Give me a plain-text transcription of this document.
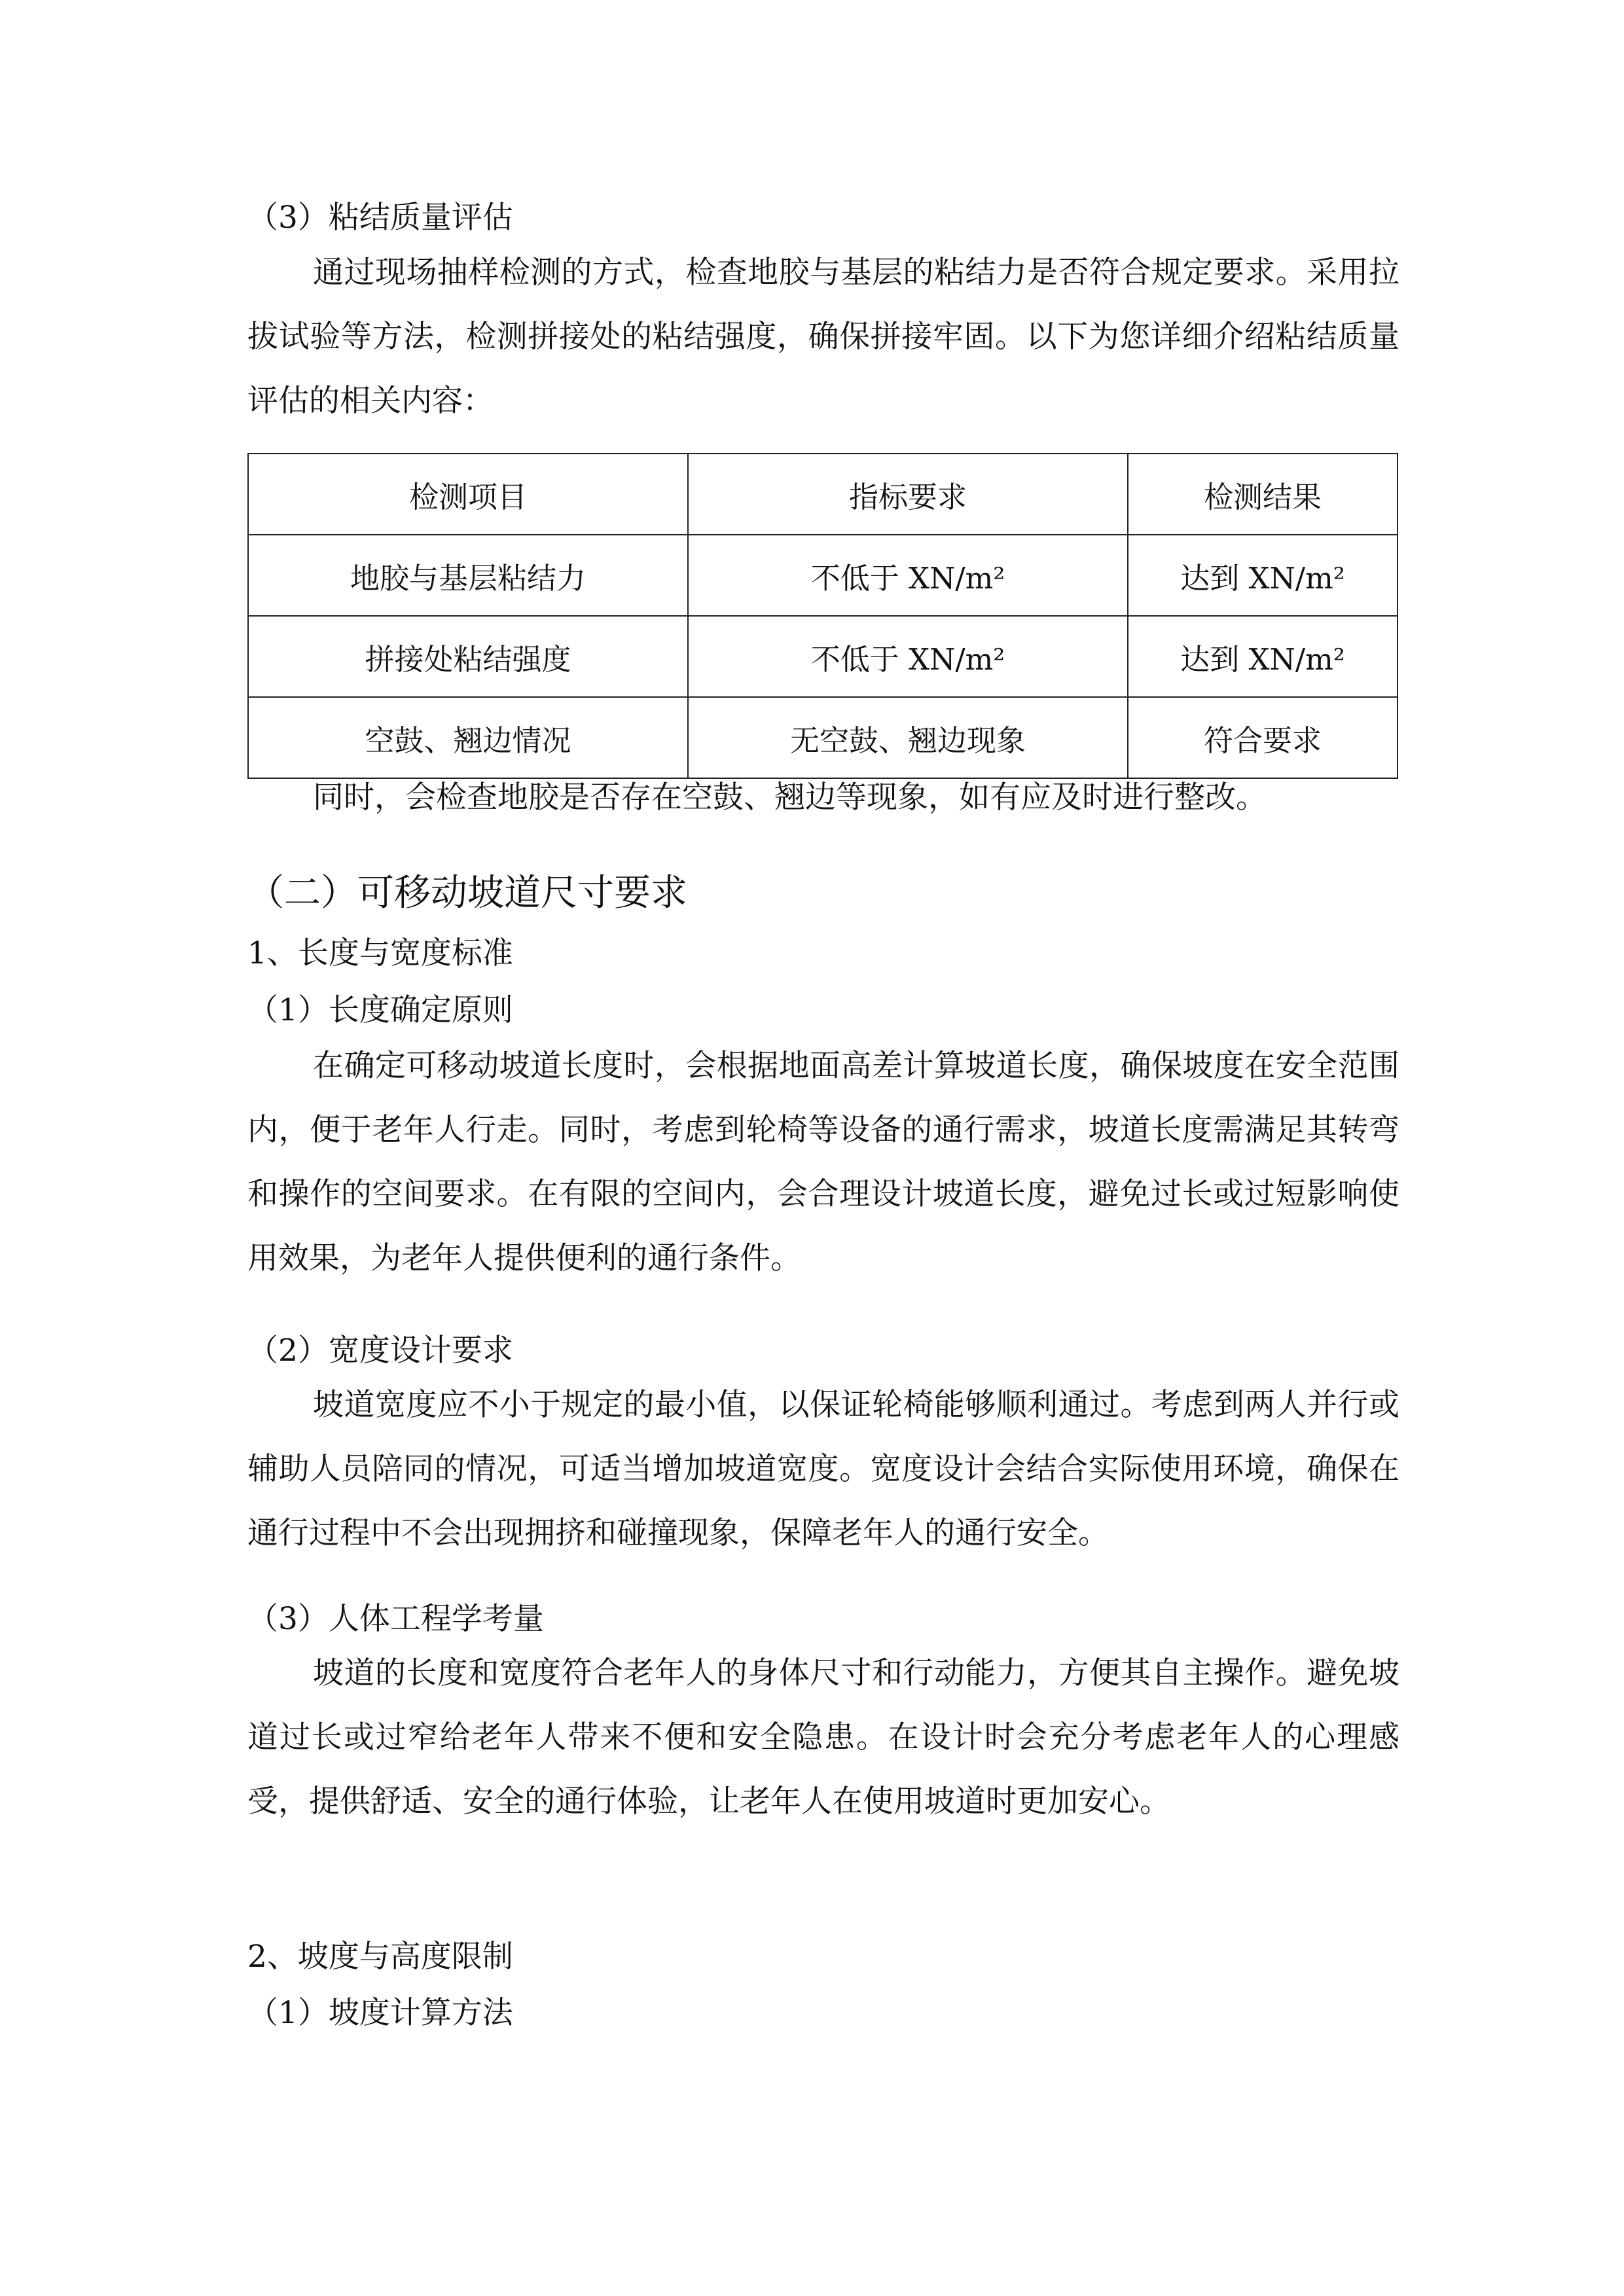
（3）粘结质量评估
通过现场抽样检测的方式，检查地胶与基层的粘结力是否符合规定要求。采用拉拔试验等方法，检测拼接处的粘结强度，确保拼接牢固。以下为您详细介绍粘结质量评估的相关内容：
检测项目	指标要求	检测结果
地胶与基层粘结力	不低于 XN/m²	达到 XN/m²
拼接处粘结强度	不低于 XN/m²	达到 XN/m²
空鼓、翘边情况	无空鼓、翘边现象	符合要求
同时，会检查地胶是否存在空鼓、翘边等现象，如有应及时进行整改。
（二）可移动坡道尺寸要求
1、长度与宽度标准
（1）长度确定原则
在确定可移动坡道长度时，会根据地面高差计算坡道长度，确保坡度在安全范围内，便于老年人行走。同时，考虑到轮椅等设备的通行需求，坡道长度需满足其转弯和操作的空间要求。在有限的空间内，会合理设计坡道长度，避免过长或过短影响使用效果，为老年人提供便利的通行条件。
（2）宽度设计要求
坡道宽度应不小于规定的最小值，以保证轮椅能够顺利通过。考虑到两人并行或辅助人员陪同的情况，可适当增加坡道宽度。宽度设计会结合实际使用环境，确保在通行过程中不会出现拥挤和碰撞现象，保障老年人的通行安全。
（3）人体工程学考量
坡道的长度和宽度符合老年人的身体尺寸和行动能力，方便其自主操作。避免坡道过长或过窄给老年人带来不便和安全隐患。在设计时会充分考虑老年人的心理感受，提供舒适、安全的通行体验，让老年人在使用坡道时更加安心。
2、坡度与高度限制
（1）坡度计算方法
